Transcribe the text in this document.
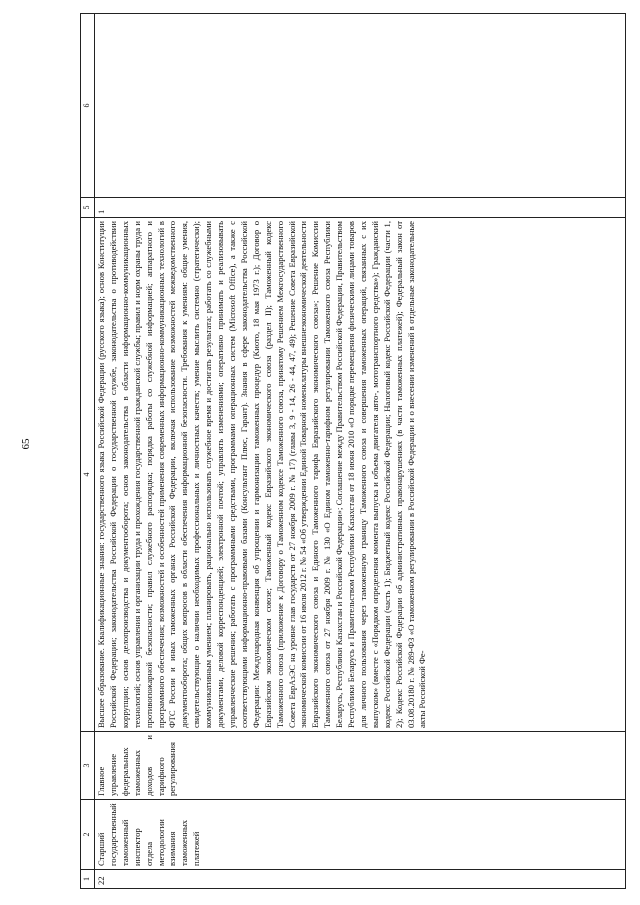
65
1	2	3	4	5	6
22	Старший государственный таможенный инспектор отдела методологии взимания таможенных платежей	Главное управление федеральных таможенных доходов и тарифного регулирования	Высшее образование. Квалификационные знания: государственного языка Российской Федерации (русского языка); основ Конституции Российской Федерации; законодательства Российской Федерации о государственной службе, законодательства о противодействии коррупции; основ делопроизводства и документооборота; основ законодательства в области информационно-коммуникационных технологий; основ управления и организации труда и прохождения государственной гражданской службы; правил и норм охраны труда и противопожарной безопасности; правил служебного распорядка; порядка работы со служебной информацией; аппаратного и программного обеспечения; возможностей и особенностей применения современных информационно-коммуникационных технологий в ФТС России и иных таможенных органах Российской Федерации, включая использование возможностей межведомственного документооборота; общих вопросов в области обеспечения информационной безопасности. Требования к умениям: общие умения, свидетельствующие о наличии необходимых профессиональных и личностных качеств; умение мыслить системно (стратегически); коммуникативным умением; планировать, рационально использовать служебное время и достигать результата; работать со служебными документами, деловой корреспонденцией; электронной почтой; управлять изменениями; оперативно принимать и реализовывать управленческие решения; работать с программными средствами, программами операционных систем (Microsoft Office), а также с соответствующими информационно-правовыми базами (Консультант Плюс, Гарант). Знания в сфере законодательства Российской Федерации: Международная конвенция об упрощении и гармонизации таможенных процедур (Киото, 18 мая 1973 г.); Договор о Евразийском экономическом союзе; Таможенный кодекс Евразийского экономического союза (раздел II); Таможенный кодекс Таможенного союза (приложение к Договору о Таможенном кодексе Таможенного союза, принятому Решением Межгосударственного Совета ЕврАзЭС на уровне глав государств от 27 ноября 2009 г. № 17) (главы 3, 9 - 14, 26 - 44, 47, 49); Решение Совета Евразийской экономической комиссии от 16 июля 2012 г. № 54 «Об утверждении Единой Товарной номенклатуры внешнеэкономической деятельности Евразийского экономического союза и Единого Таможенного тарифа Евразийского экономического союза»; Решение Комиссии Таможенного союза от 27 ноября 2009 г. № 130 «О Едином таможенно-тарифном регулировании Таможенного союза Республики Беларусь, Республики Казахстан и Российской Федерации»; Соглашение между Правительством Российской Федерации, Правительством Республики Беларусь и Правительством Республики Казахстан от 18 июня 2010 «О порядке перемещения физическими лицами товаров для личного пользования через таможенную границу Таможенного союза и совершения таможенных операций, связанных с их выпуском» (вместе с «Порядком определения момента выпуска и объема двигателя авто-, мототранспортного средства»); Гражданский кодекс Российской Федерации (часть 1); Бюджетный кодекс Российской Федерации; Налоговый кодекс Российской Федерации (части 1, 2); Кодекс Российской Федерации об административных правонарушениях (в части таможенных платежей); Федеральный закон от 03.08.20180 г. № 289-ФЗ «О таможенном регулировании в Российской Федерации и о внесении изменений в отдельные законодательные акты Российской Фе-	1	
